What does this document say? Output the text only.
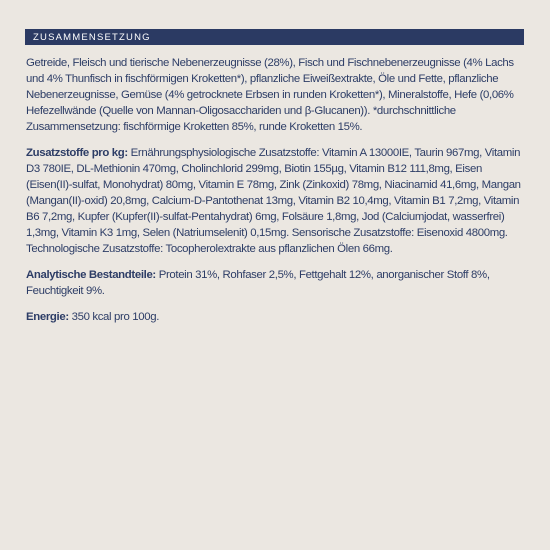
ZUSAMMENSETZUNG

Getreide, Fleisch und tierische Nebenerzeugnisse (28%), Fisch und Fischnebenerzeugnisse (4% Lachs und 4% Thunfisch in fischförmigen Kroketten*), pflanzliche Eiweißextrakte, Öle und Fette, pflanzliche Nebenerzeugnisse, Gemüse (4% getrocknete Erbsen in runden Kroketten*), Mineralstoffe, Hefe (0,06% Hefezellwände (Quelle von Mannan-Oligosacchariden und β-Glucanen)). *durchschnittliche Zusammensetzung: fischförmige Kroketten 85%, runde Kroketten 15%.

Zusatzstoffe pro kg: Ernährungsphysiologische Zusatzstoffe: Vitamin A 13000IE, Taurin 967mg, Vitamin D3 780IE, DL-Methionin 470mg, Cholinchlorid 299mg, Biotin 155µg, Vitamin B12 111,8mg, Eisen (Eisen(II)-sulfat, Monohydrat) 80mg, Vitamin E 78mg, Zink (Zinkoxid) 78mg, Niacinamid 41,6mg, Mangan (Mangan(II)-oxid) 20,8mg, Calcium-D-Pantothenat 13mg, Vitamin B2 10,4mg, Vitamin B1 7,2mg, Vitamin B6 7,2mg, Kupfer (Kupfer(II)-sulfat-Pentahydrat) 6mg, Folsäure 1,8mg, Jod (Calciumjodat, wasserfrei) 1,3mg, Vitamin K3 1mg, Selen (Natriumselenit) 0,15mg. Sensorische Zusatzstoffe: Eisenoxid 4800mg. Technologische Zusatzstoffe: Tocopherolextrakte aus pflanzlichen Ölen 66mg.

Analytische Bestandteile: Protein 31%, Rohfaser 2,5%, Fettgehalt 12%, anorganischer Stoff 8%, Feuchtigkeit 9%.

Energie: 350 kcal pro 100g.
